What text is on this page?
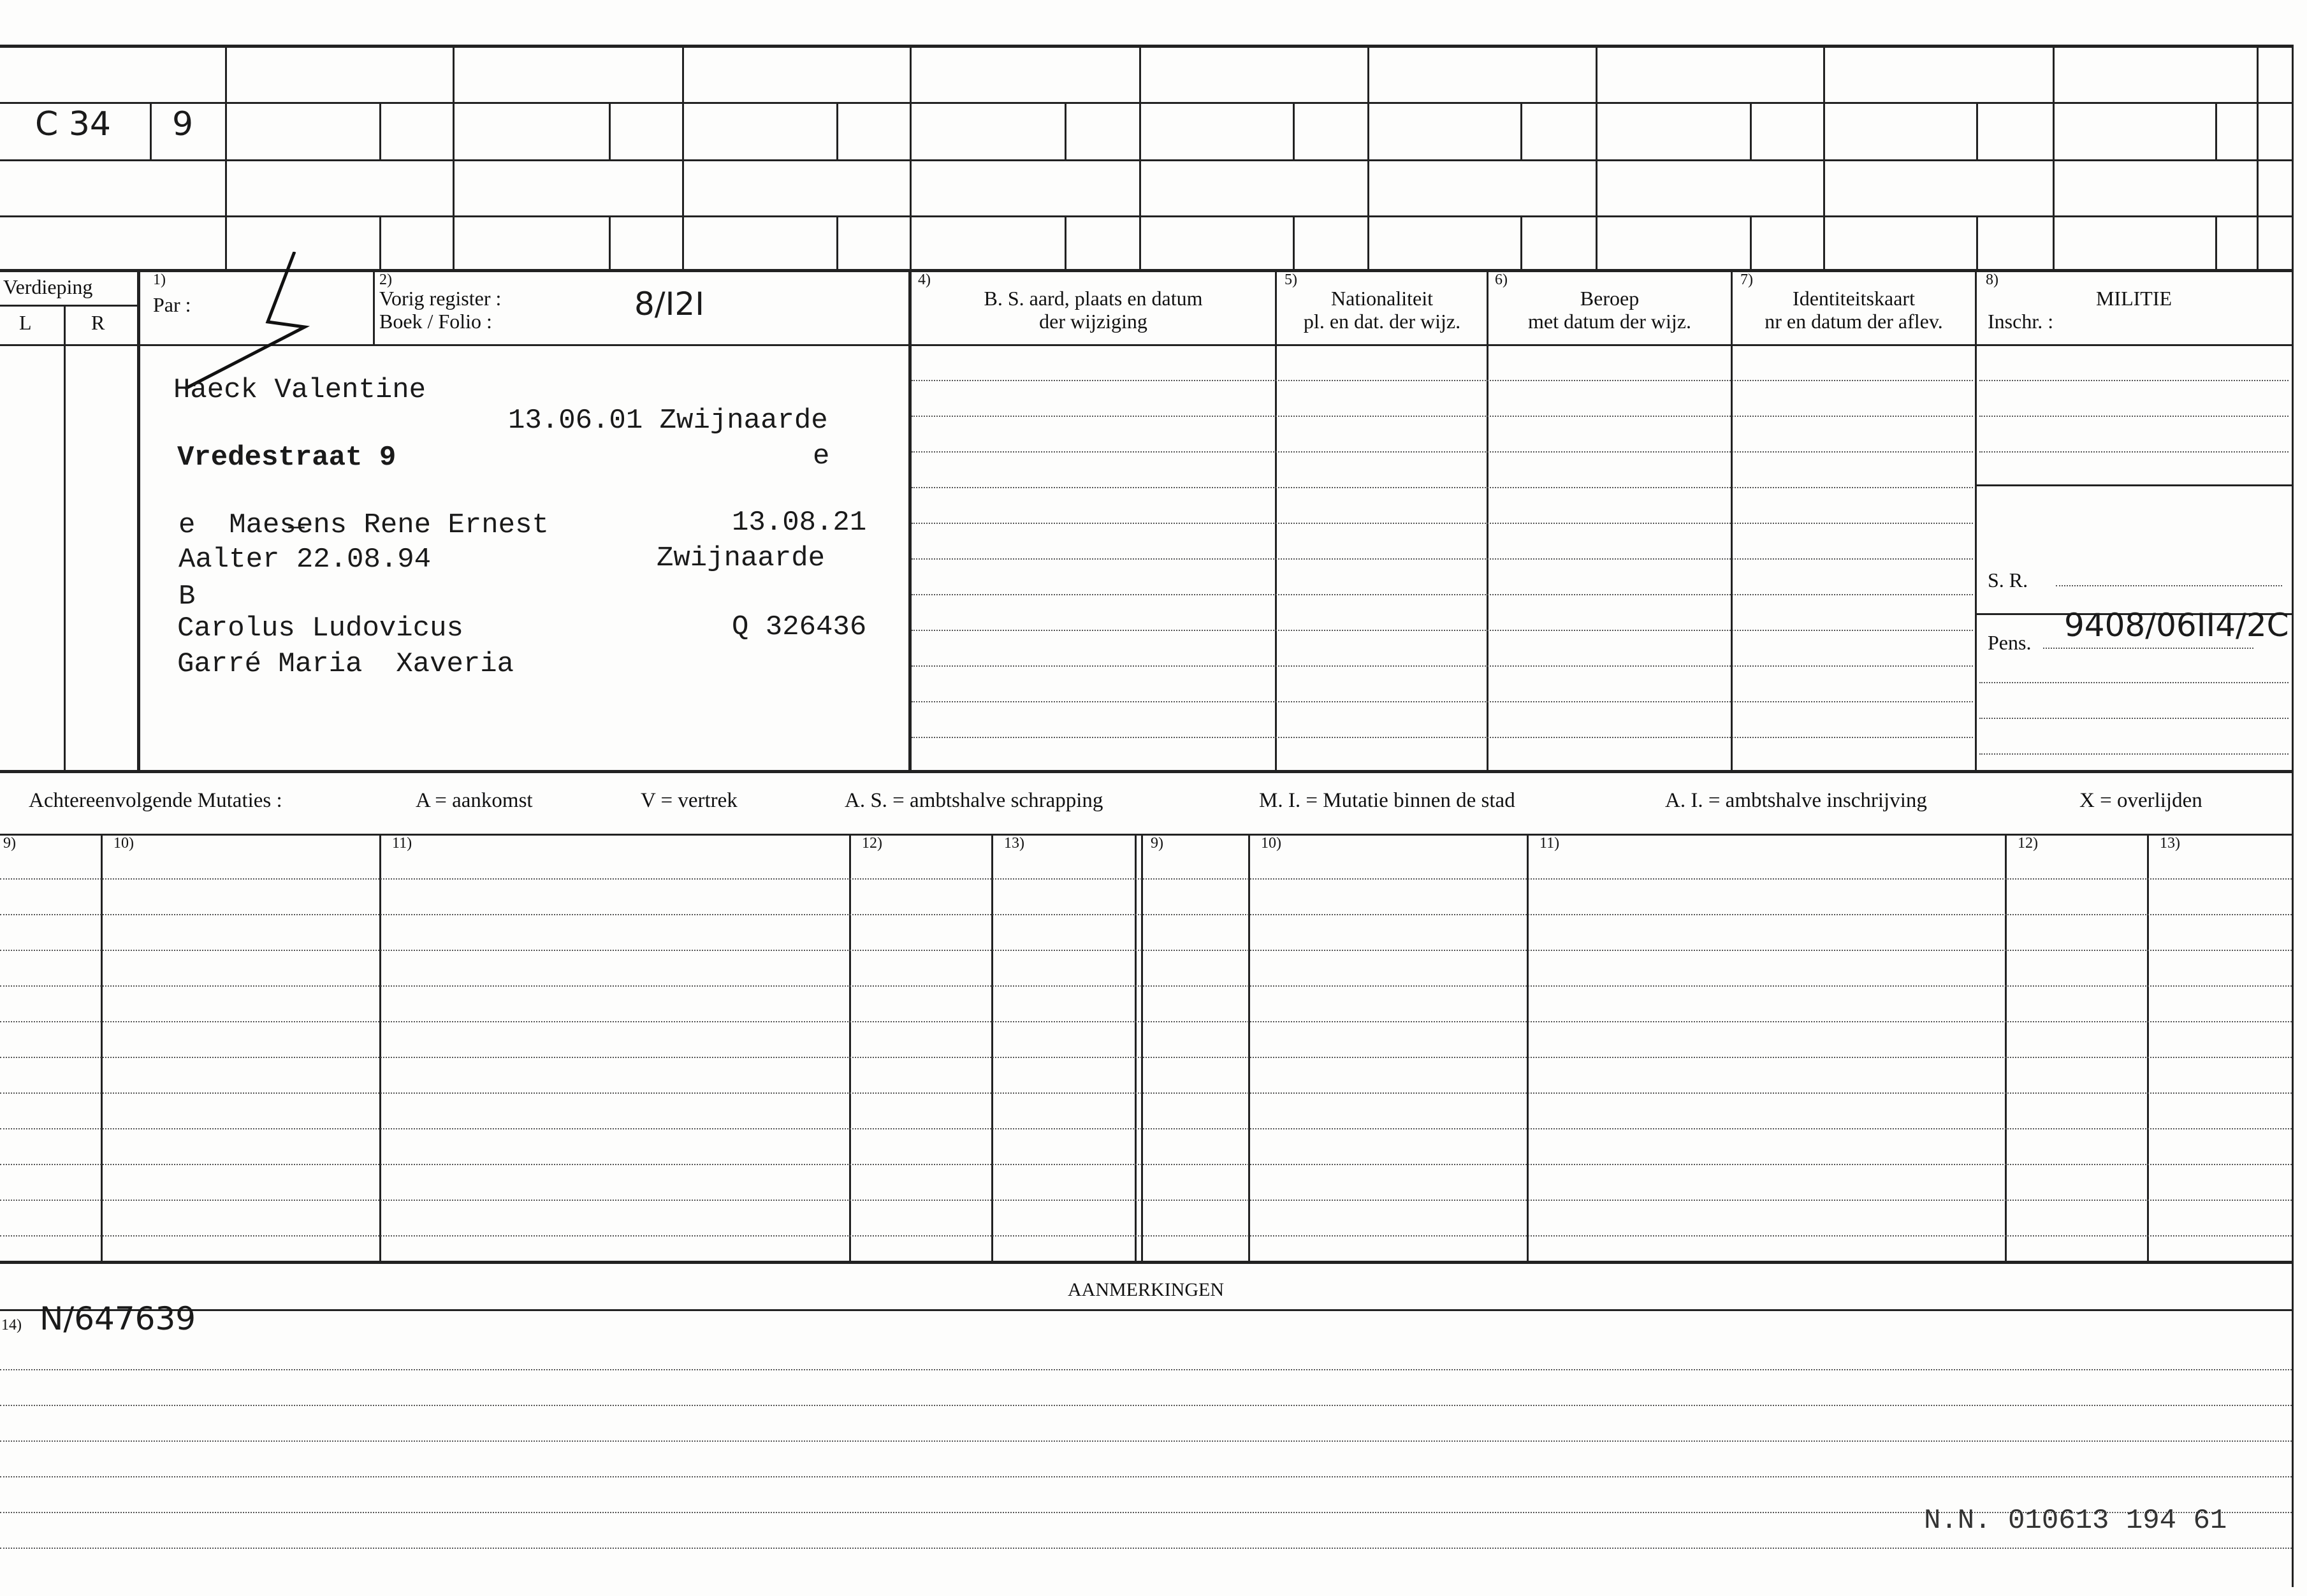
C 34 9
Verdieping
L	R
1)
Par :
2)
Vorig register :
Boek / Folio :	8/I2I
4)
B. S. aard, plaats en datum
der wijziging
5)
Nationaliteit
pl. en dat. der wijz.
6)
Beroep
met datum der wijz.
7)
Identiteitskaart
nr en datum der aflev.
8)
MILITIE
Inschr. :
S. R.
Pens. 9408/06II4/2C
Haeck Valentine
13.06.01 Zwijnaarde
Vredestraat 9	e
e  Maes̶ens Rene Ernest	13.08.21
Aalter 22.08.94	Zwijnaarde
B
Carolus Ludovicus	Q 326436
Garré Maria  Xaveria
Achtereenvolgende Mutaties :	A = aankomst	V = vertrek	A. S. = ambtshalve schrapping	M. I. = Mutatie binnen de stad	A. I. = ambtshalve inschrijving	X = overlijden
9)	10)	11)	12)	13)	9)	10)	11)	12)	13)
AANMERKINGEN
14) N/647639
N.N. 010613 194 61
